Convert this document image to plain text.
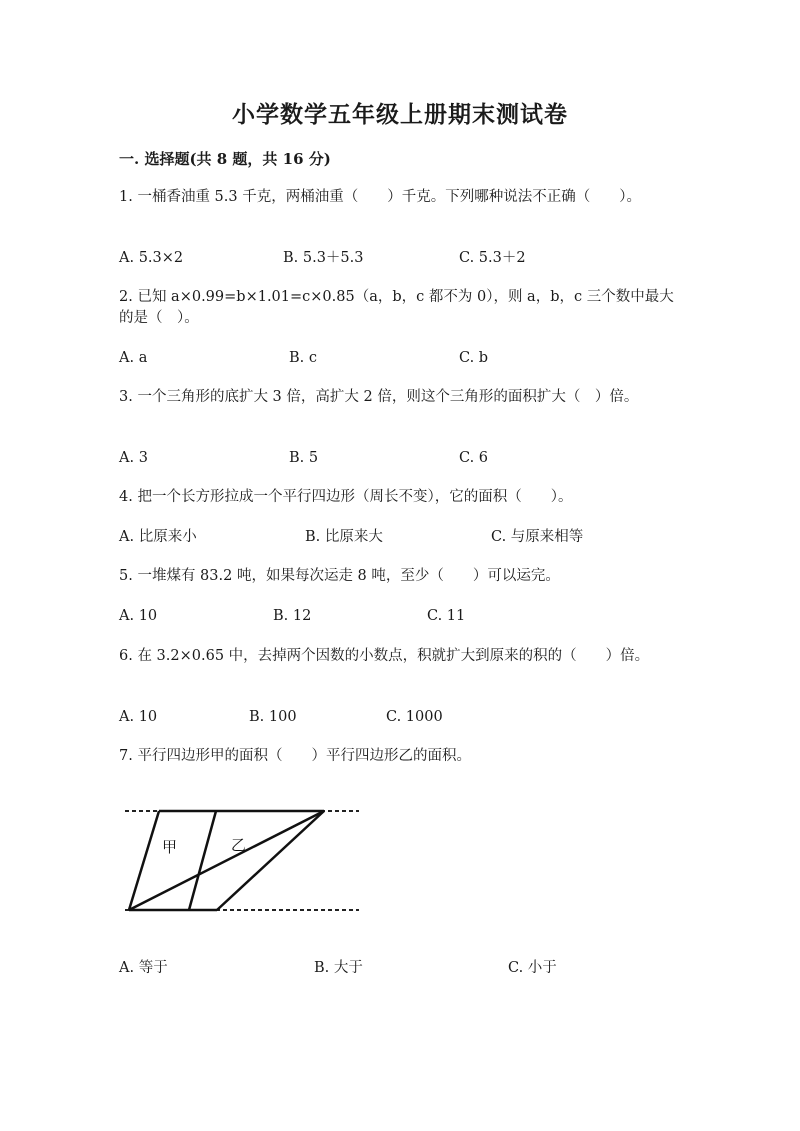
小学数学五年级上册期末测试卷
一. 选择题(共 8 题，共 16 分)
1. 一桶香油重 5.3 千克，两桶油重（　　）千克。下列哪种说法不正确（　　）。
A. 5.3×2	B. 5.3＋5.3	C. 5.3＋2
2. 已知 a×0.99=b×1.01=c×0.85（a，b，c 都不为 0），则 a，b，c 三个数中最大的是（　）。
A. a	B. c	C. b
3. 一个三角形的底扩大 3 倍，高扩大 2 倍，则这个三角形的面积扩大（　）倍。
A. 3	B. 5	C. 6
4. 把一个长方形拉成一个平行四边形（周长不变），它的面积（　　）。
A. 比原来小	B. 比原来大	C. 与原来相等
5. 一堆煤有 83.2 吨，如果每次运走 8 吨，至少（　　）可以运完。
A. 10	B. 12	C. 11
6. 在 3.2×0.65 中，去掉两个因数的小数点，积就扩大到原来的积的（　　）倍。
A. 10	B. 100	C. 1000
7. 平行四边形甲的面积（　　）平行四边形乙的面积。
甲	乙
A. 等于	B. 大于	C. 小于
